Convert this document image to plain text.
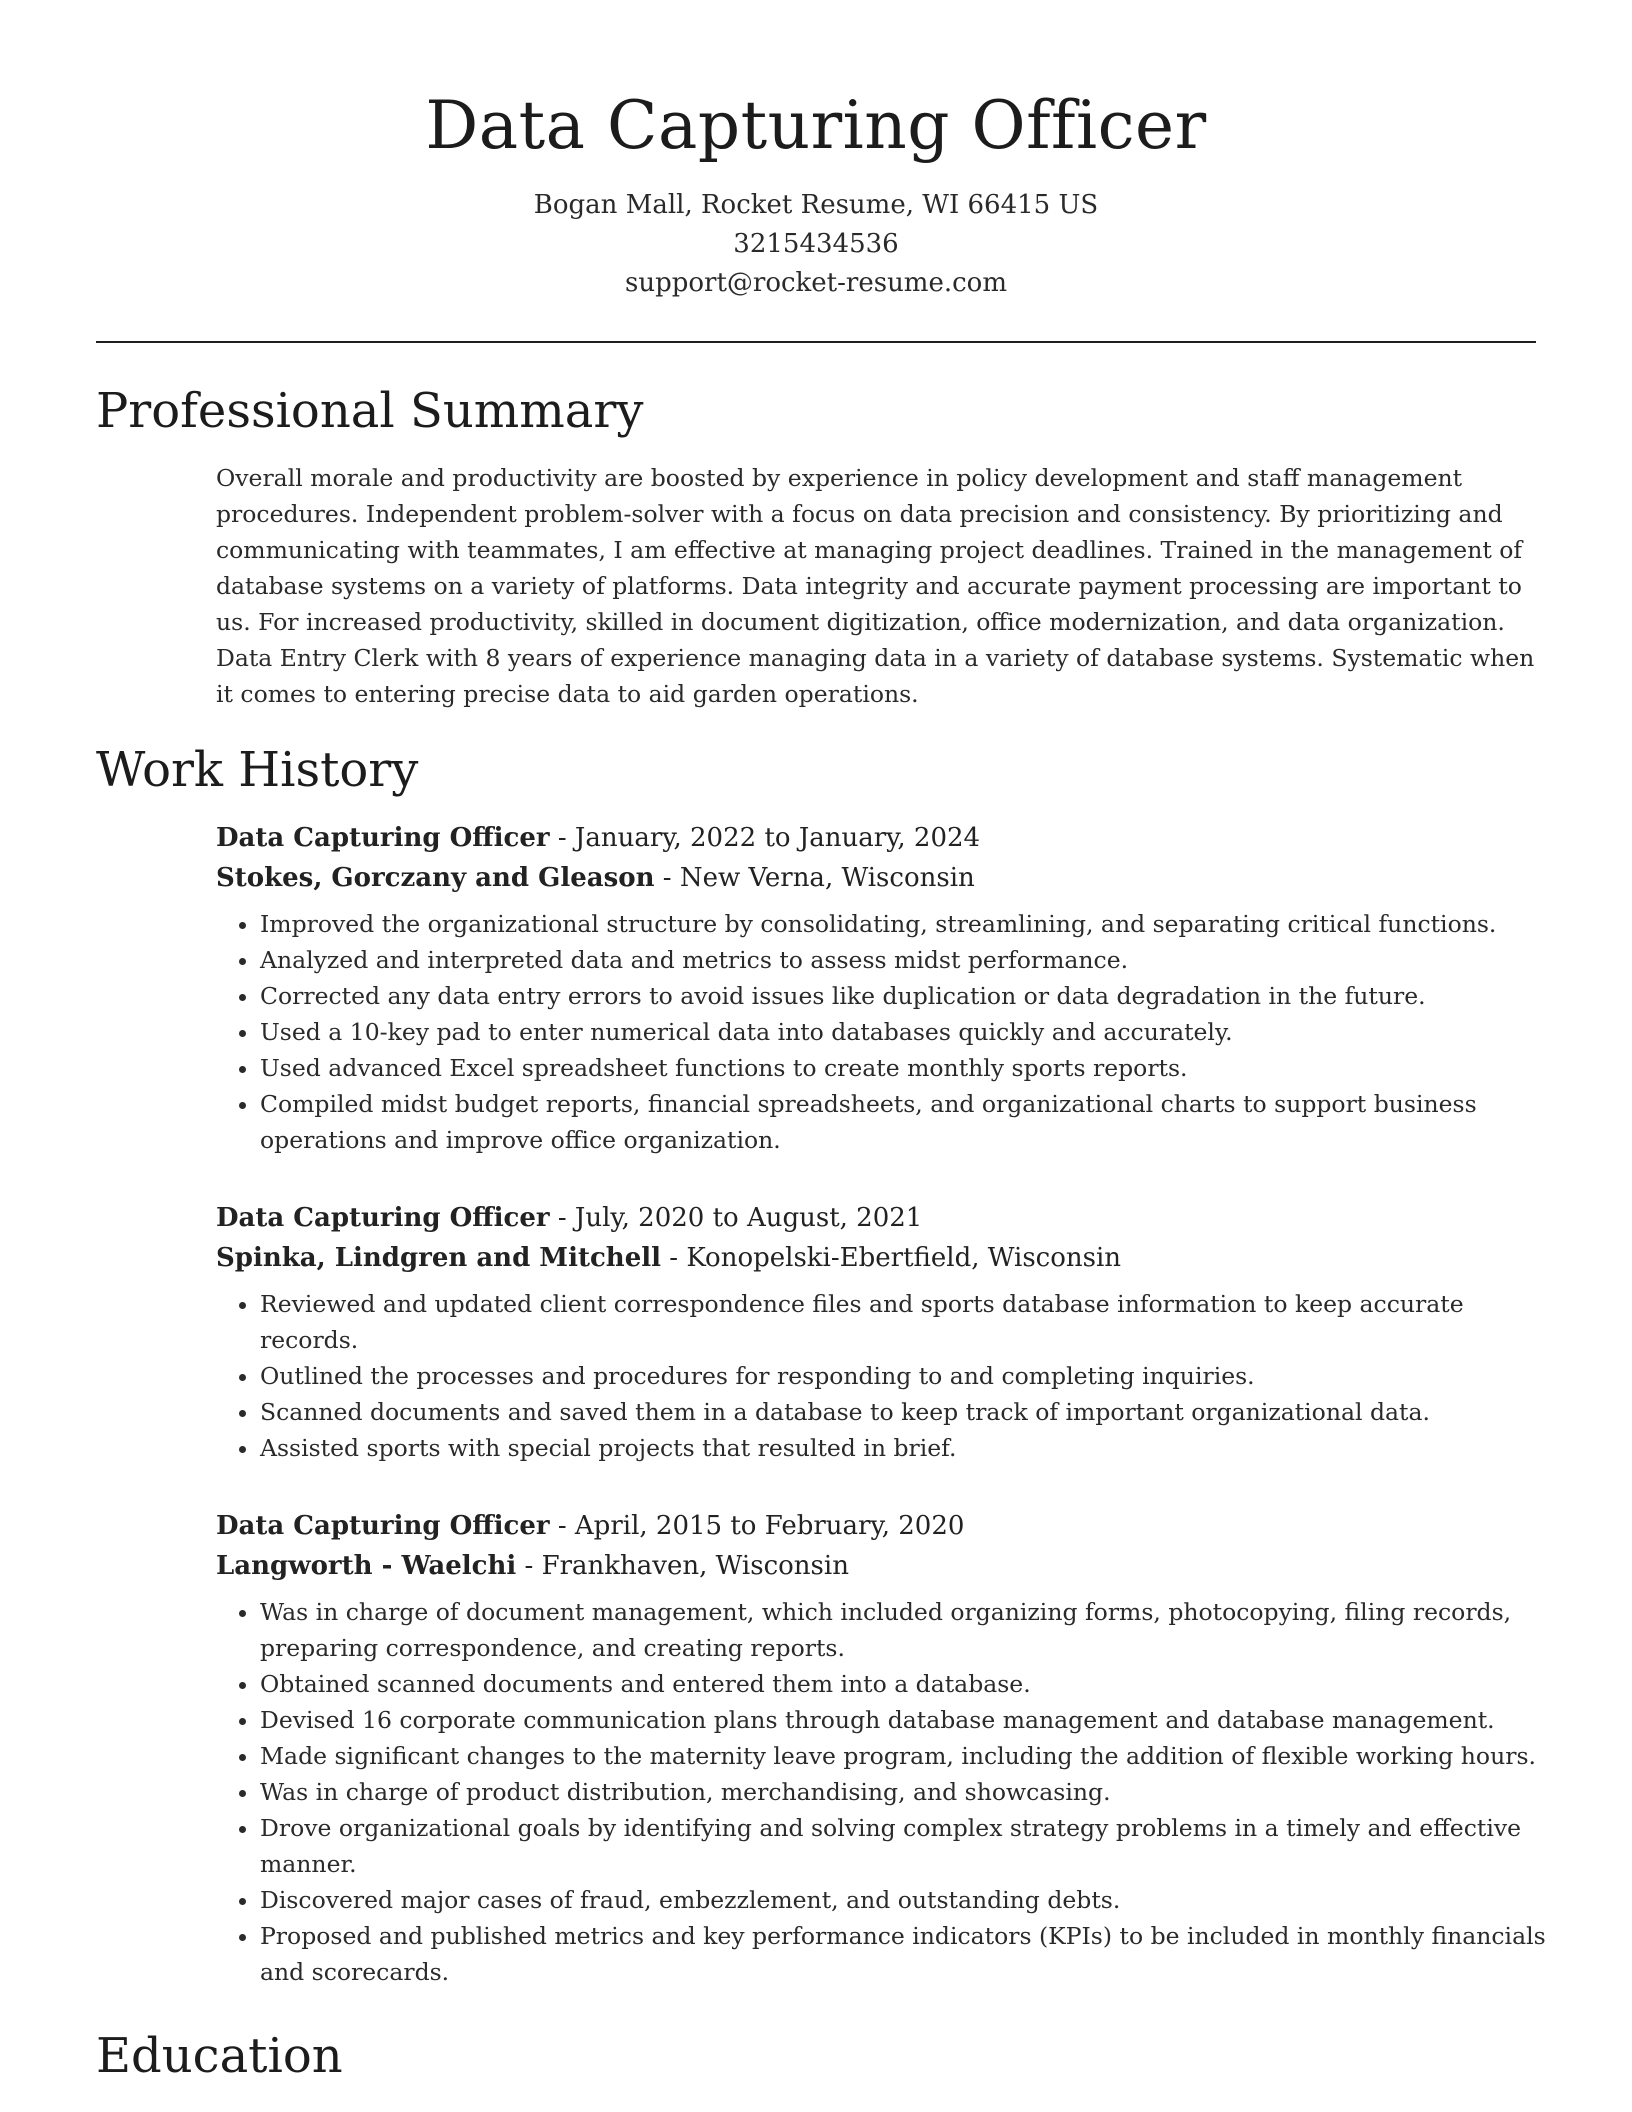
Data Capturing Officer
Bogan Mall, Rocket Resume, WI 66415 US
3215434536
support@rocket-resume.com
Professional Summary

Overall morale and productivity are boosted by experience in policy development and staff management procedures. Independent problem-solver with a focus on data precision and consistency. By prioritizing and communicating with teammates, I am effective at managing project deadlines. Trained in the management of database systems on a variety of platforms. Data integrity and accurate payment processing are important to us. For increased productivity, skilled in document digitization, office modernization, and data organization. Data Entry Clerk with 8 years of experience managing data in a variety of database systems. Systematic when it comes to entering precise data to aid garden operations.

Work History
Data Capturing Officer - January, 2022 to January, 2024
Stokes, Gorczany and Gleason - New Verna, Wisconsin
• Improved the organizational structure by consolidating, streamlining, and separating critical functions.
• Analyzed and interpreted data and metrics to assess midst performance.
• Corrected any data entry errors to avoid issues like duplication or data degradation in the future.
• Used a 10-key pad to enter numerical data into databases quickly and accurately.
• Used advanced Excel spreadsheet functions to create monthly sports reports.
• Compiled midst budget reports, financial spreadsheets, and organizational charts to support business operations and improve office organization.
Data Capturing Officer - July, 2020 to August, 2021
Spinka, Lindgren and Mitchell - Konopelski-Ebertfield, Wisconsin
• Reviewed and updated client correspondence files and sports database information to keep accurate records.
• Outlined the processes and procedures for responding to and completing inquiries.
• Scanned documents and saved them in a database to keep track of important organizational data.
• Assisted sports with special projects that resulted in brief.
Data Capturing Officer - April, 2015 to February, 2020
Langworth - Waelchi - Frankhaven, Wisconsin
• Was in charge of document management, which included organizing forms, photocopying, filing records, preparing correspondence, and creating reports.
• Obtained scanned documents and entered them into a database.
• Devised 16 corporate communication plans through database management and database management.
• Made significant changes to the maternity leave program, including the addition of flexible working hours.
• Was in charge of product distribution, merchandising, and showcasing.
• Drove organizational goals by identifying and solving complex strategy problems in a timely and effective manner.
• Discovered major cases of fraud, embezzlement, and outstanding debts.
• Proposed and published metrics and key performance indicators (KPIs) to be included in monthly financials and scorecards.
Education
